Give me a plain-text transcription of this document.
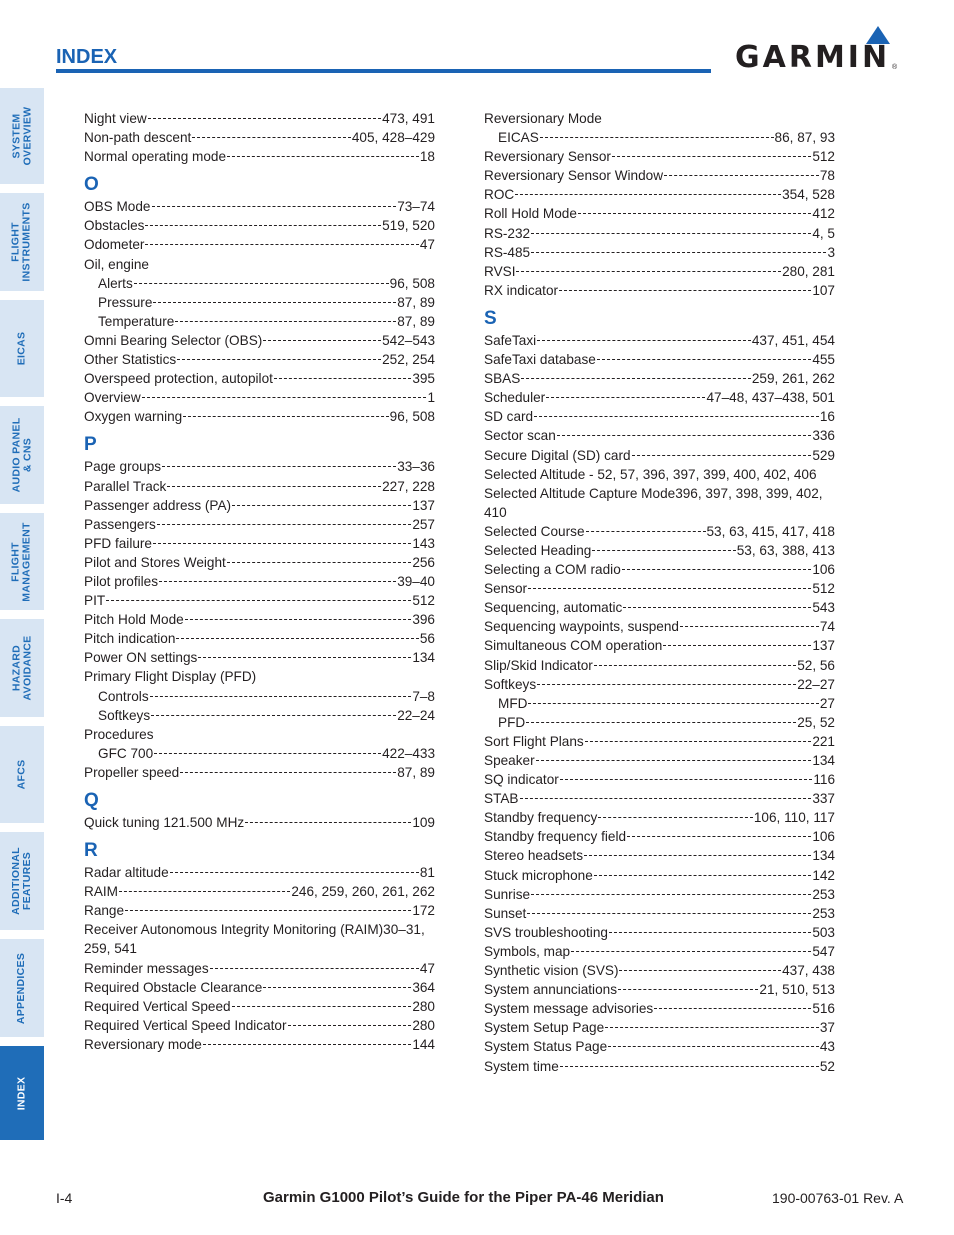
INDEX	GARMIN ®
SYSTEM
OVERVIEW
FLIGHT
INSTRUMENTS
EICAS
AUDIO PANEL
& CNS
FLIGHT
MANAGEMENT
HAZARD
AVOIDANCE
AFCS
ADDITIONAL
FEATURES
APPENDICES
INDEX
Night view	473, 491
Non-path descent	405, 428–429
Normal operating mode	18
O
OBS Mode	73–74
Obstacles	519, 520
Odometer	47
Oil, engine
Alerts	96, 508
Pressure	87, 89
Temperature	87, 89
Omni Bearing Selector (OBS)	542–543
Other Statistics	252, 254
Overspeed protection, autopilot	395
Overview	1
Oxygen warning	96, 508
P
Page groups	33–36
Parallel Track	227, 228
Passenger address (PA)	137
Passengers	257
PFD failure	143
Pilot and Stores Weight	256
Pilot profiles	39–40
PIT	512
Pitch Hold Mode	396
Pitch indication	56
Power ON settings	134
Primary Flight Display (PFD)
Controls	7–8
Softkeys	22–24
Procedures
GFC 700	422–433
Propeller speed	87, 89
Q
Quick tuning 121.500 MHz	109
R
Radar altitude	81
RAIM	246, 259, 260, 261, 262
Range	172
Receiver Autonomous Integrity Monitoring (RAIM)30–31,
259, 541
Reminder messages	47
Required Obstacle Clearance	364
Required Vertical Speed	280
Required Vertical Speed Indicator	280
Reversionary mode	144
Reversionary Mode
EICAS	86, 87, 93
Reversionary Sensor	512
Reversionary Sensor Window	78
ROC	354, 528
Roll Hold Mode	412
RS-232	4, 5
RS-485	3
RVSI	280, 281
RX indicator	107
S
SafeTaxi	437, 451, 454
SafeTaxi database	455
SBAS	259, 261, 262
Scheduler	47–48, 437–438, 501
SD card	16
Sector scan	336
Secure Digital (SD) card	529
Selected Altitude - 52, 57, 396, 397, 399, 400, 402, 406
Selected Altitude Capture Mode396, 397, 398, 399, 402,
410
Selected Course	53, 63, 415, 417, 418
Selected Heading	53, 63, 388, 413
Selecting a COM radio	106
Sensor	512
Sequencing, automatic	543
Sequencing waypoints, suspend	74
Simultaneous COM operation	137
Slip/Skid Indicator	52, 56
Softkeys	22–27
MFD	27
PFD	25, 52
Sort Flight Plans	221
Speaker	134
SQ indicator	116
STAB	337
Standby frequency	106, 110, 117
Standby frequency field	106
Stereo headsets	134
Stuck microphone	142
Sunrise	253
Sunset	253
SVS troubleshooting	503
Symbols, map	547
Synthetic vision (SVS)	437, 438
System annunciations	21, 510, 513
System message advisories	516
System Setup Page	37
System Status Page	43
System time	52
I-4	Garmin G1000 Pilot’s Guide for the Piper PA-46 Meridian	190-00763-01 Rev. A
